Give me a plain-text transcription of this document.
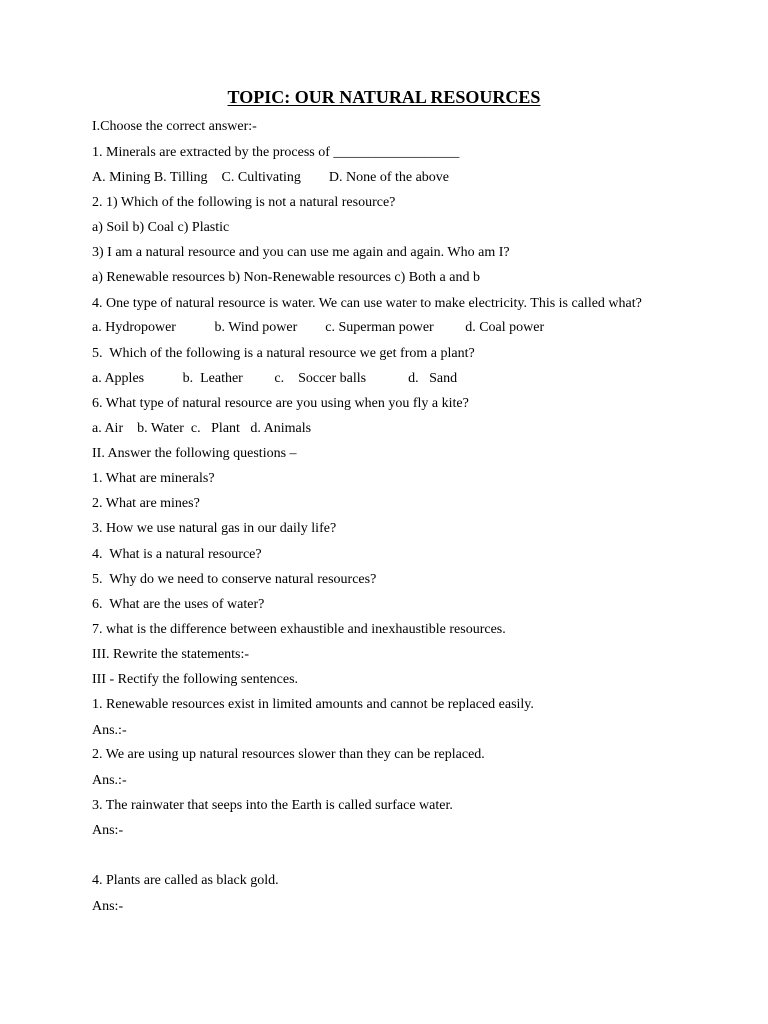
TOPIC: OUR NATURAL RESOURCES
I.Choose the correct answer:-
1. Minerals are extracted by the process of __________________
A. Mining B. Tilling    C. Cultivating        D. None of the above
2. 1) Which of the following is not a natural resource?
a) Soil b) Coal c) Plastic
3) I am a natural resource and you can use me again and again. Who am I?
a) Renewable resources b) Non-Renewable resources c) Both a and b
4. One type of natural resource is water. We can use water to make electricity. This is called what?
a. Hydropower           b. Wind power        c. Superman power         d. Coal power
5.  Which of the following is a natural resource we get from a plant?
a. Apples           b.  Leather         c.    Soccer balls            d.   Sand
6. What type of natural resource are you using when you fly a kite?
a. Air    b. Water  c.   Plant   d. Animals
II. Answer the following questions –
1. What are minerals?
2. What are mines?
3. How we use natural gas in our daily life?
4.  What is a natural resource?
5.  Why do we need to conserve natural resources?
6.  What are the uses of water?
7. what is the difference between exhaustible and inexhaustible resources.
III. Rewrite the statements:-
III - Rectify the following sentences.
1. Renewable resources exist in limited amounts and cannot be replaced easily.
Ans.:-
2. We are using up natural resources slower than they can be replaced.
Ans.:-
3. The rainwater that seeps into the Earth is called surface water.
Ans:-
4. Plants are called as black gold.
Ans:-
